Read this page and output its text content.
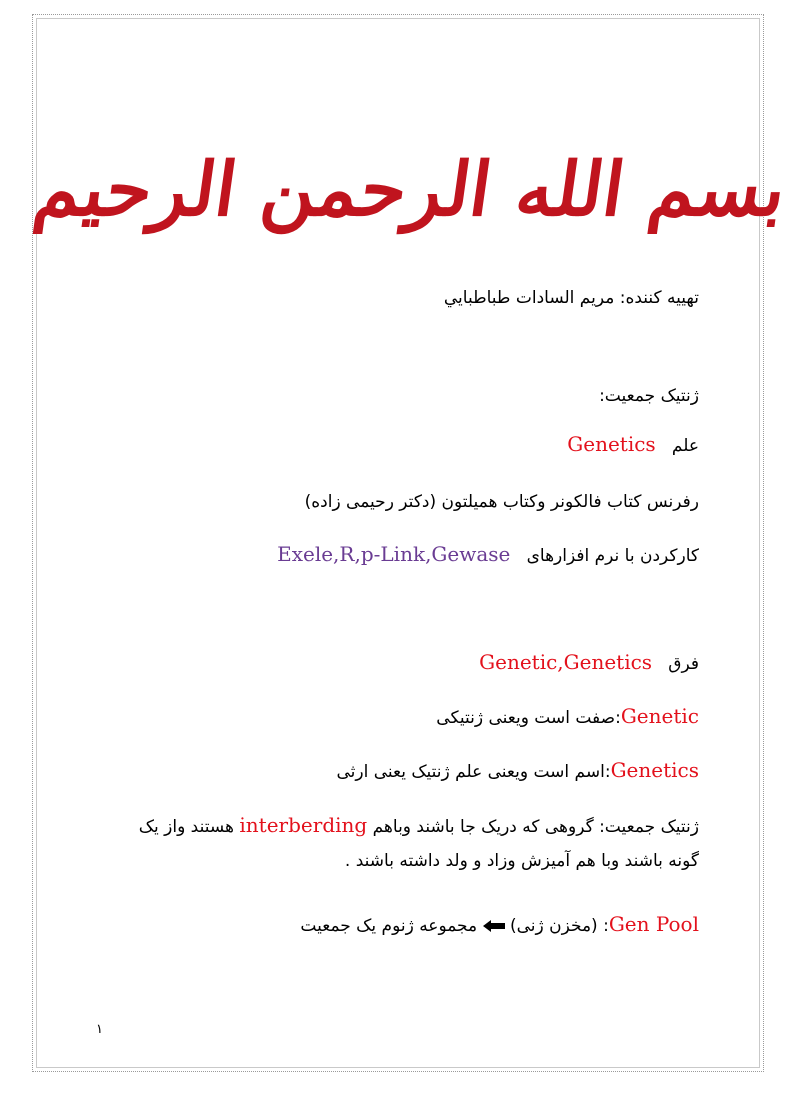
بسم الله الرحمن الرحیم
تهییه کننده: مریم السادات طباطبایي
ژنتیک جمعیت:
علم   Genetics
رفرنس کتاب فالکونر وکتاب همیلتون (دکتر رحیمی زاده)
کارکردن با نرم افزارهای   Exele,R,p-Link,Gewase
فرق   Genetic,Genetics
Genetic:صفت است ویعنی ژنتیکی
Genetics:اسم است ویعنی علم ژنتیک یعنی ارثی
ژنتیک جمعیت: گروهی که دریک جا باشند وباهم interberding هستند واز یک گونه باشند وبا هم آمیزش وزاد و ولد داشته باشند .
Gen Pool: (مخزن ژنی)  مجموعه ژنوم یک جمعیت
۱
